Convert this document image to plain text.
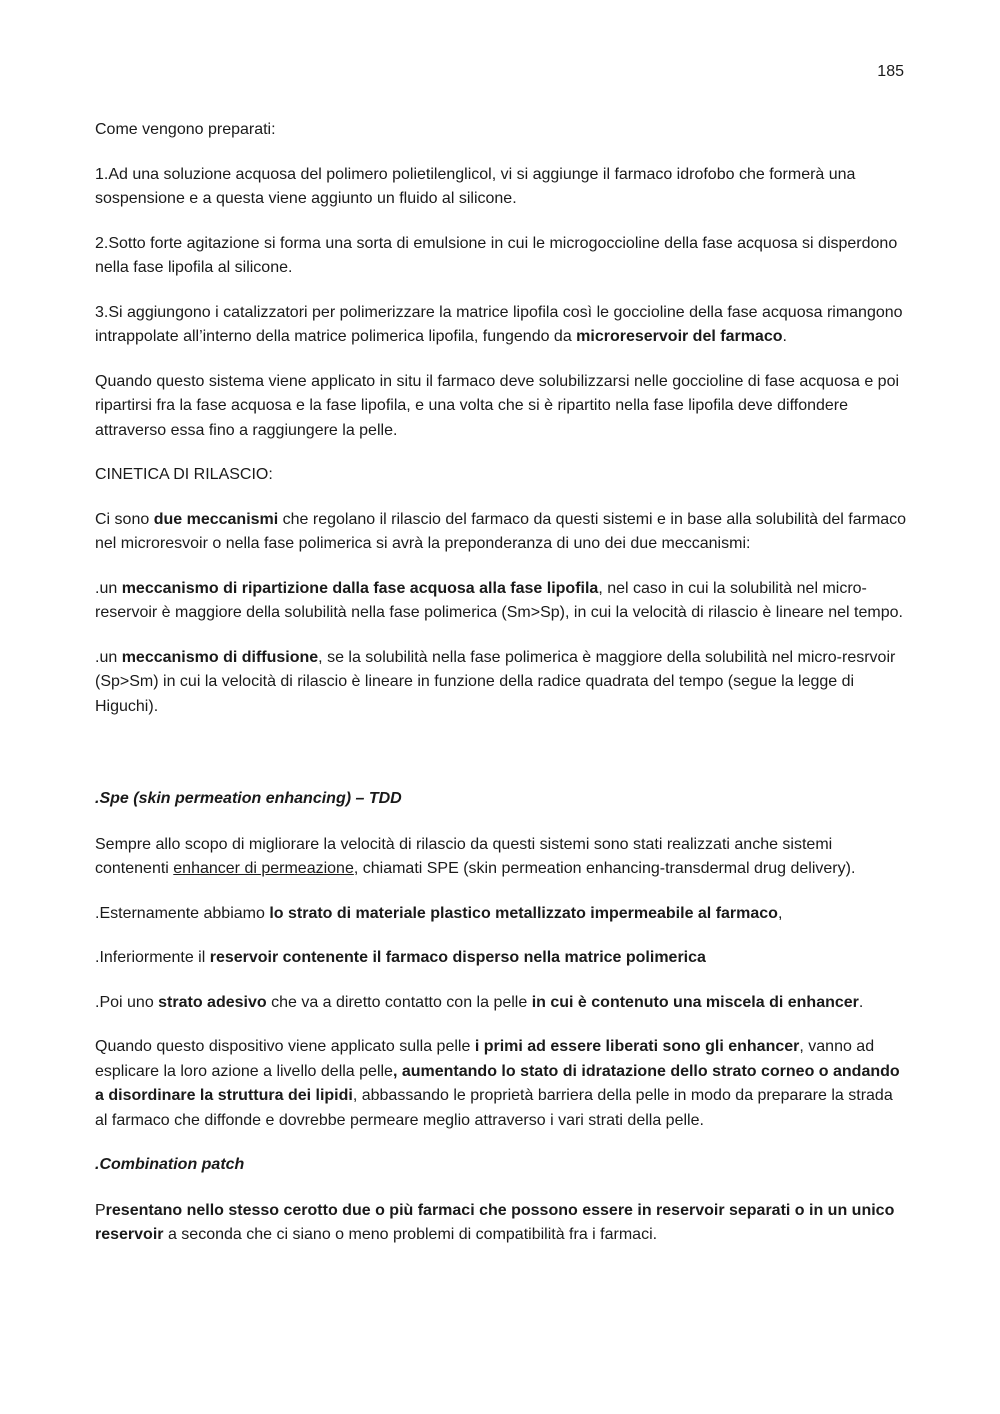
185

Come vengono preparati:

1.Ad una soluzione acquosa del polimero polietilenglicol, vi si aggiunge il farmaco idrofobo che formerà una sospensione e a questa viene aggiunto un fluido al silicone.

2.Sotto forte agitazione si forma una sorta di emulsione in cui le microgoccioline della fase acquosa si disperdono nella fase lipofila al silicone.

3.Si aggiungono i catalizzatori per polimerizzare la matrice lipofila così le goccioline della fase acquosa rimangono intrappolate all’interno della matrice polimerica lipofila, fungendo da microreservoir del farmaco.

Quando questo sistema viene applicato in situ il farmaco deve solubilizzarsi nelle goccioline di fase acquosa e poi ripartirsi fra la fase acquosa e la fase lipofila, e una volta che si è ripartito nella fase lipofila deve diffondere attraverso essa fino a raggiungere la pelle.

CINETICA DI RILASCIO:

Ci sono due meccanismi che regolano il rilascio del farmaco da questi sistemi e in base alla solubilità del farmaco nel microresvoir o nella fase polimerica si avrà la preponderanza di uno dei due meccanismi:

.un meccanismo di ripartizione dalla fase acquosa alla fase lipofila, nel caso in cui la solubilità nel micro-reservoir è maggiore della solubilità nella fase polimerica (Sm>Sp), in cui la velocità di rilascio è lineare nel tempo.

.un meccanismo di diffusione, se la solubilità nella fase polimerica è maggiore della solubilità nel micro-resrvoir (Sp>Sm) in cui la velocità di rilascio è lineare in funzione della radice quadrata del tempo (segue la legge di Higuchi).

.Spe (skin permeation enhancing) – TDD

Sempre allo scopo di migliorare la velocità di rilascio da questi sistemi sono stati realizzati anche sistemi contenenti enhancer di permeazione, chiamati SPE (skin permeation enhancing-transdermal drug delivery).

.Esternamente abbiamo lo strato di materiale plastico metallizzato impermeabile al farmaco,

.Inferiormente il reservoir contenente il farmaco disperso nella matrice polimerica

.Poi uno strato adesivo che va a diretto contatto con la pelle in cui è contenuto una miscela di enhancer.

Quando questo dispositivo viene applicato sulla pelle i primi ad essere liberati sono gli enhancer, vanno ad esplicare la loro azione a livello della pelle, aumentando lo stato di idratazione dello strato corneo o andando a disordinare la struttura dei lipidi, abbassando le proprietà barriera della pelle in modo da preparare la strada al farmaco che diffonde e dovrebbe permeare meglio attraverso i vari strati della pelle.

.Combination patch

Presentano nello stesso cerotto due o più farmaci che possono essere in reservoir separati o in un unico reservoir a seconda che ci siano o meno problemi di compatibilità fra i farmaci.
